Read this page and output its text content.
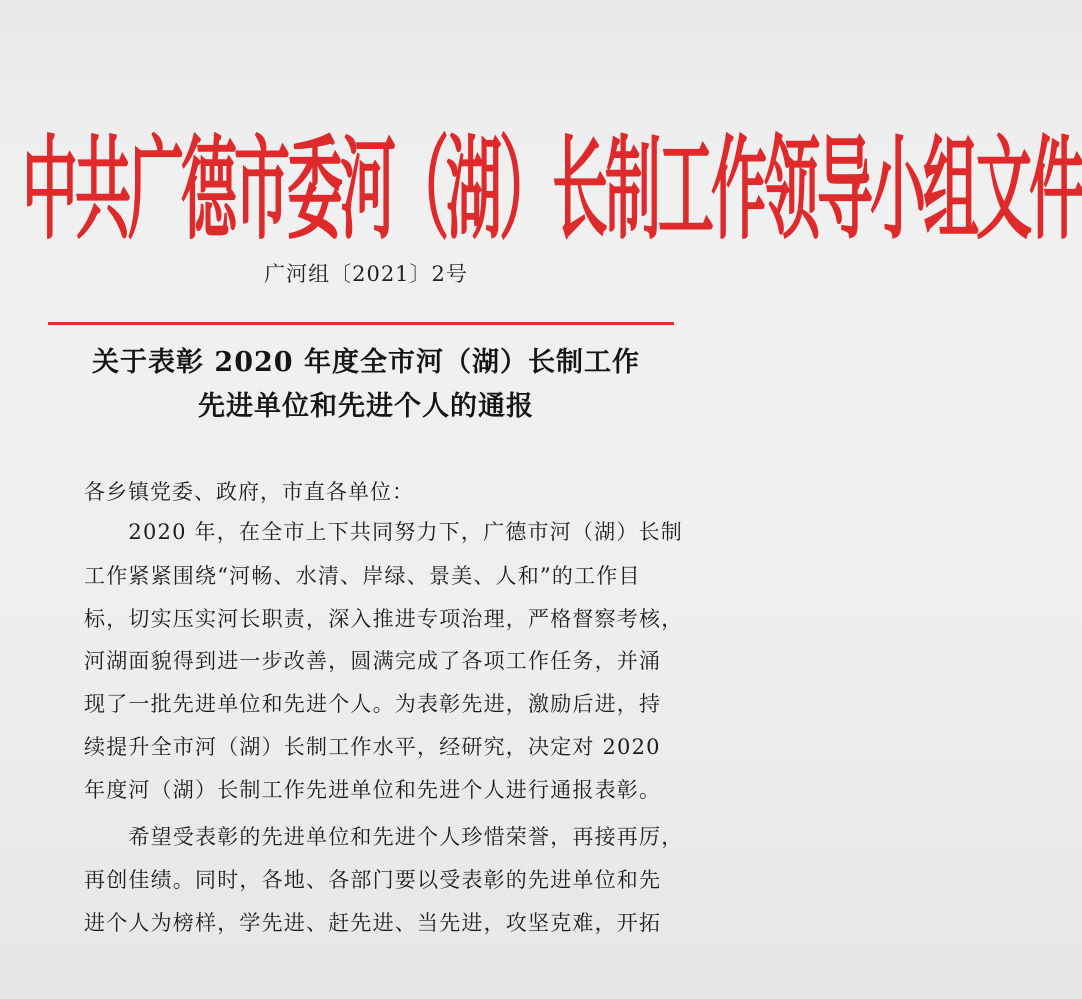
中共广德市委河（湖）长制工作领导小组文件
广河组〔2021〕2号
关于表彰 2020 年度全市河（湖）长制工作
先进单位和先进个人的通报
各乡镇党委、政府，市直各单位：
　　2020 年，在全市上下共同努力下，广德市河（湖）长制
工作紧紧围绕“河畅、水清、岸绿、景美、人和”的工作目
标，切实压实河长职责，深入推进专项治理，严格督察考核，
河湖面貌得到进一步改善，圆满完成了各项工作任务，并涌
现了一批先进单位和先进个人。为表彰先进，激励后进，持
续提升全市河（湖）长制工作水平，经研究，决定对 2020
年度河（湖）长制工作先进单位和先进个人进行通报表彰。
　　希望受表彰的先进单位和先进个人珍惜荣誉，再接再厉，
再创佳绩。同时，各地、各部门要以受表彰的先进单位和先
进个人为榜样，学先进、赶先进、当先进，攻坚克难，开拓
